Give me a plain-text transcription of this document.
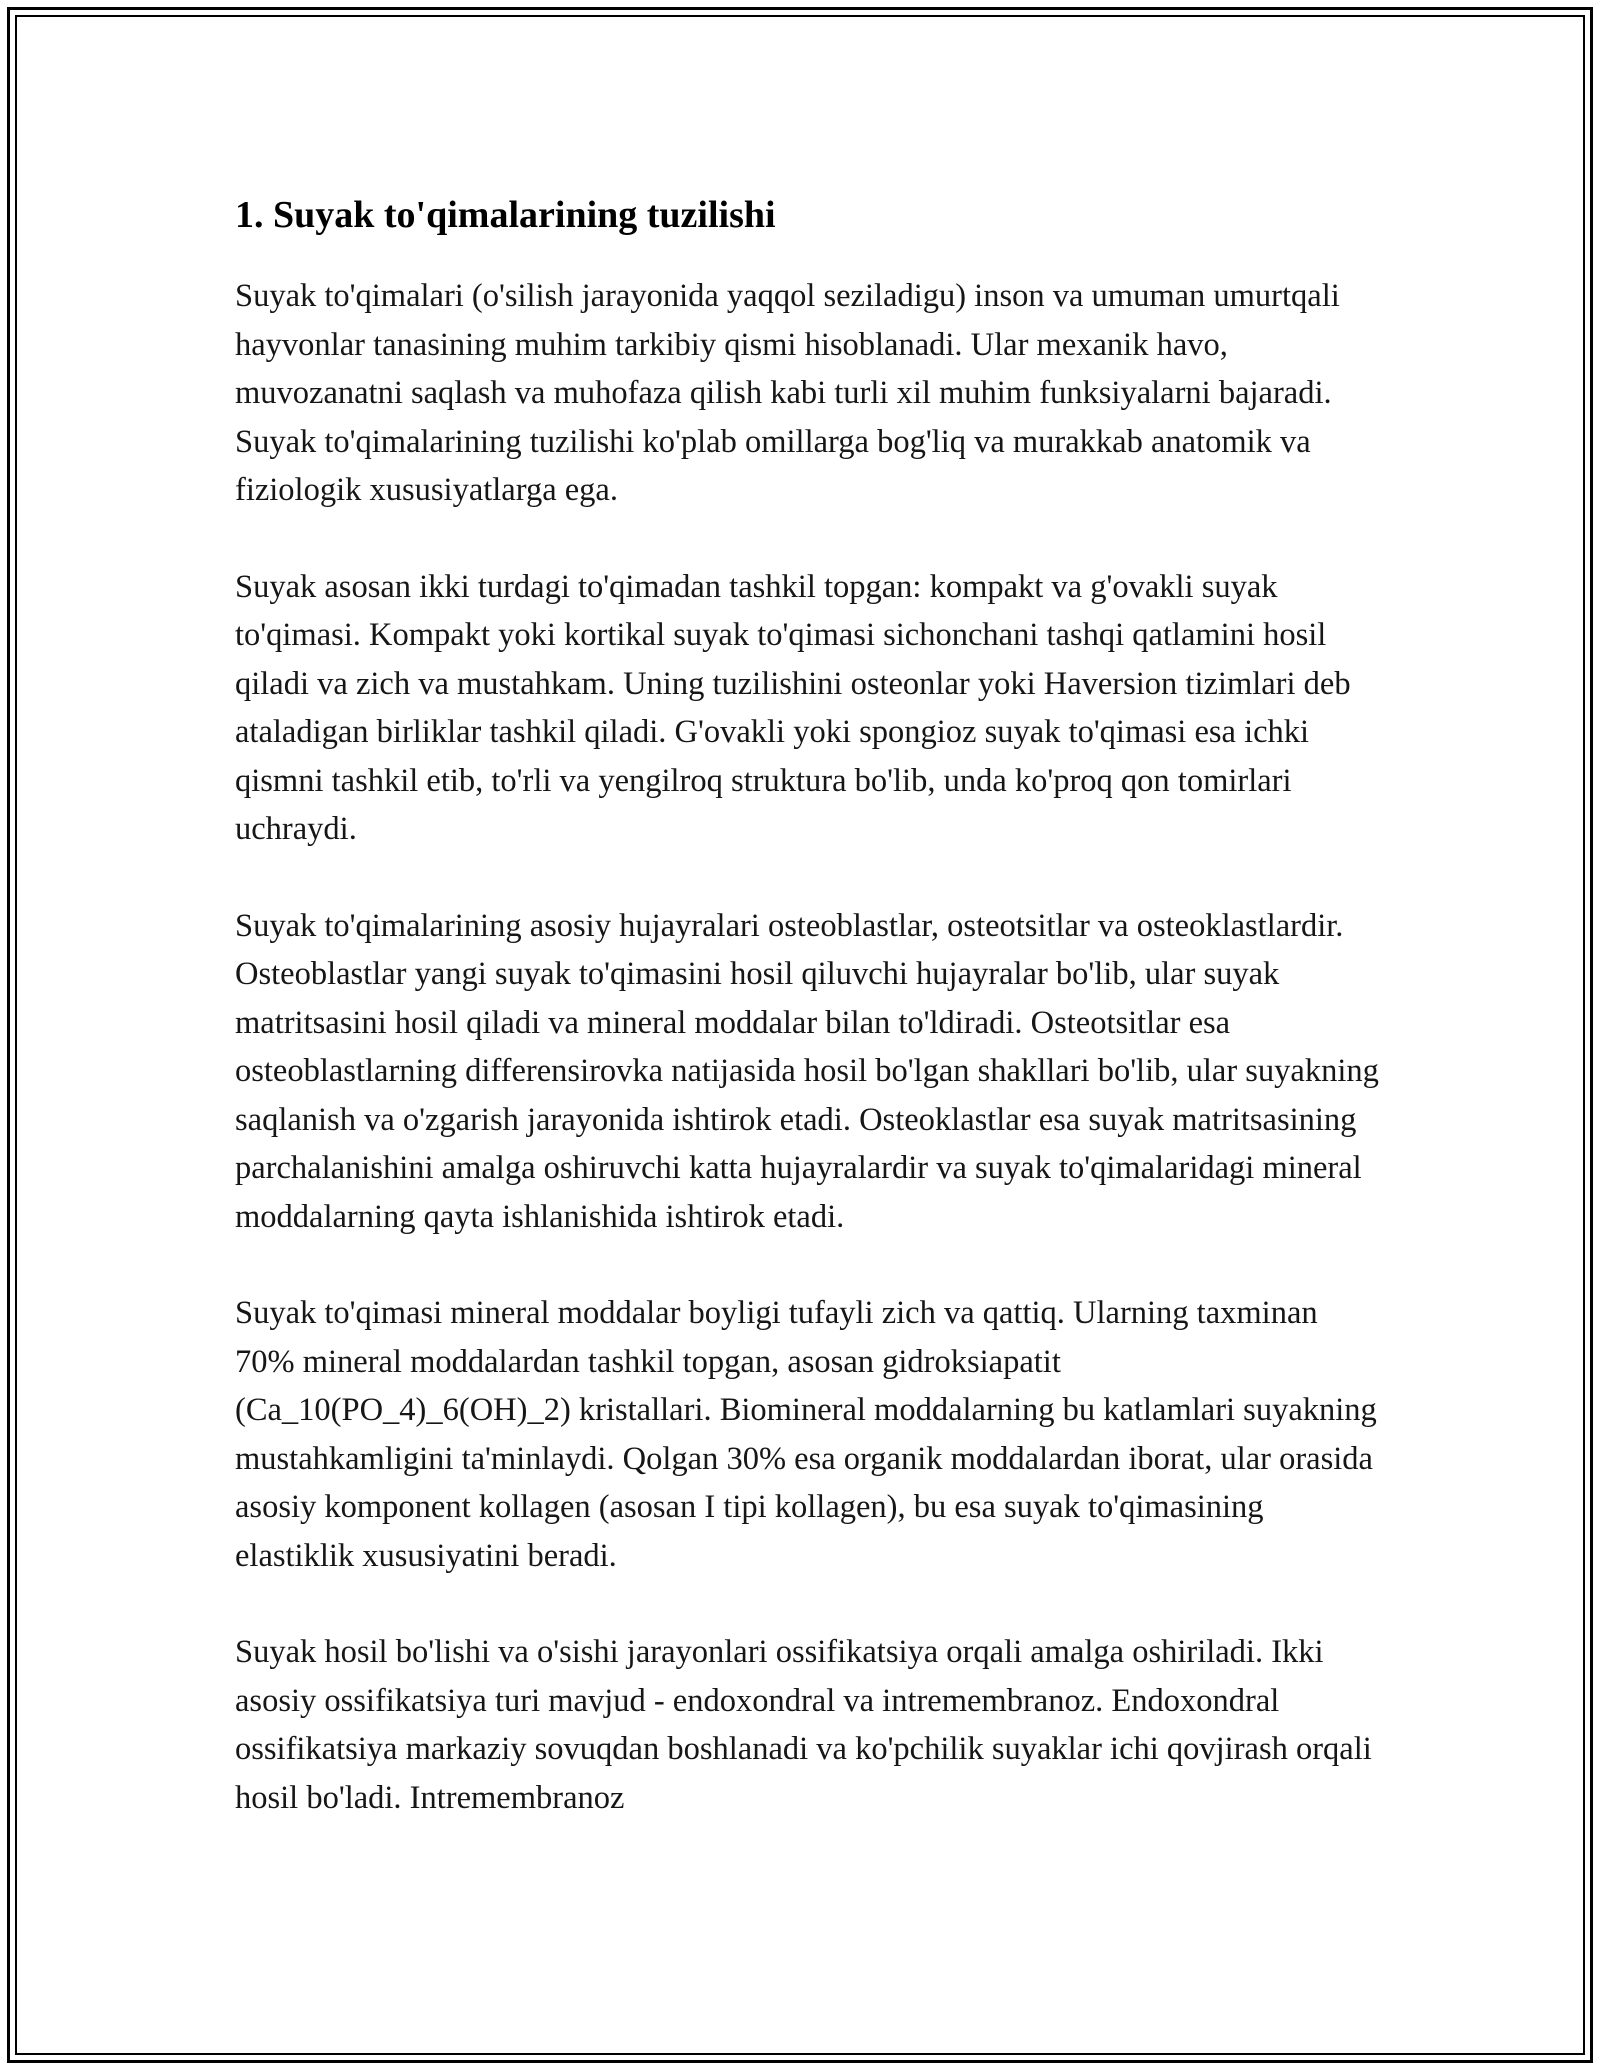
1. Suyak to'qimalarining tuzilishi

Suyak to'qimalari (o'silish jarayonida yaqqol seziladigu) inson va umuman umurtqali hayvonlar tanasining muhim tarkibiy qismi hisoblanadi. Ular mexanik havo, muvozanatni saqlash va muhofaza qilish kabi turli xil muhim funksiyalarni bajaradi. Suyak to'qimalarining tuzilishi ko'plab omillarga bog'liq va murakkab anatomik va fiziologik xususiyatlarga ega.

Suyak asosan ikki turdagi to'qimadan tashkil topgan: kompakt va g'ovakli suyak to'qimasi. Kompakt yoki kortikal suyak to'qimasi sichonchani tashqi qatlamini hosil qiladi va zich va mustahkam. Uning tuzilishini osteonlar yoki Haversion tizimlari deb ataladigan birliklar tashkil qiladi. G'ovakli yoki spongioz suyak to'qimasi esa ichki qismni tashkil etib, to'rli va yengilroq struktura bo'lib, unda ko'proq qon tomirlari uchraydi.

Suyak to'qimalarining asosiy hujayralari osteoblastlar, osteotsitlar va osteoklastlardir. Osteoblastlar yangi suyak to'qimasini hosil qiluvchi hujayralar bo'lib, ular suyak matritsasini hosil qiladi va mineral moddalar bilan to'ldiradi. Osteotsitlar esa osteoblastlarning differensirovka natijasida hosil bo'lgan shakllari bo'lib, ular suyakning saqlanish va o'zgarish jarayonida ishtirok etadi. Osteoklastlar esa suyak matritsasining parchalanishini amalga oshiruvchi katta hujayralardir va suyak to'qimalaridagi mineral moddalarning qayta ishlanishida ishtirok etadi.

Suyak to'qimasi mineral moddalar boyligi tufayli zich va qattiq. Ularning taxminan 70% mineral moddalardan tashkil topgan, asosan gidroksiapatit (Ca_10(PO_4)_6(OH)_2) kristallari. Biomineral moddalarning bu katlamlari suyakning mustahkamligini ta'minlaydi. Qolgan 30% esa organik moddalardan iborat, ular orasida asosiy komponent kollagen (asosan I tipi kollagen), bu esa suyak to'qimasining elastiklik xususiyatini beradi.

Suyak hosil bo'lishi va o'sishi jarayonlari ossifikatsiya orqali amalga oshiriladi. Ikki asosiy ossifikatsiya turi mavjud - endoxondral va intremembranoz. Endoxondral ossifikatsiya markaziy sovuqdan boshlanadi va ko'pchilik suyaklar ichi qovjirash orqali hosil bo'ladi. Intremembranoz
